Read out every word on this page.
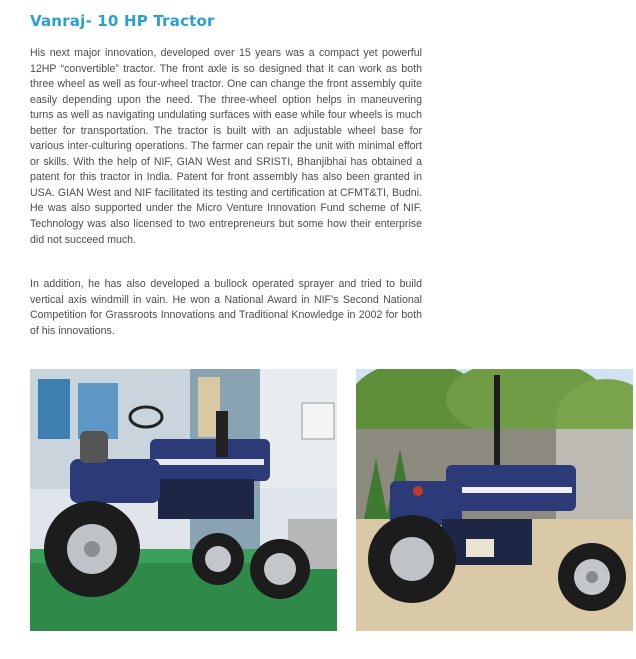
Vanraj- 10 HP Tractor

His next major innovation, developed over 15 years was a compact yet powerful 12HP “convertible” tractor. The front axle is so designed that it can work as both three wheel as well as four-wheel tractor. One can change the front assembly quite easily depending upon the need. The three-wheel option helps in maneuvering turns as well as navigating undulating surfaces with ease while four wheels is much better for transportation. The tractor is built with an adjustable wheel base for various inter-culturing operations. The farmer can repair the unit with minimal effort or skills. With the help of NIF, GIAN West and SRISTI, Bhanjibhai has obtained a patent for this tractor in India. Patent for front assembly has also been granted in USA. GIAN West and NIF facilitated its testing and certification at CFMT&TI, Budni. He was also supported under the Micro Venture Innovation Fund scheme of NIF. Technology was also licensed to two entrepreneurs but some how their enterprise did not succeed much.

In addition, he has also developed a bullock operated sprayer and tried to build vertical axis windmill in vain. He won a National Award in NIF’s Second National Competition for Grassroots Innovations and Traditional Knowledge in 2002 for both of his innovations.
